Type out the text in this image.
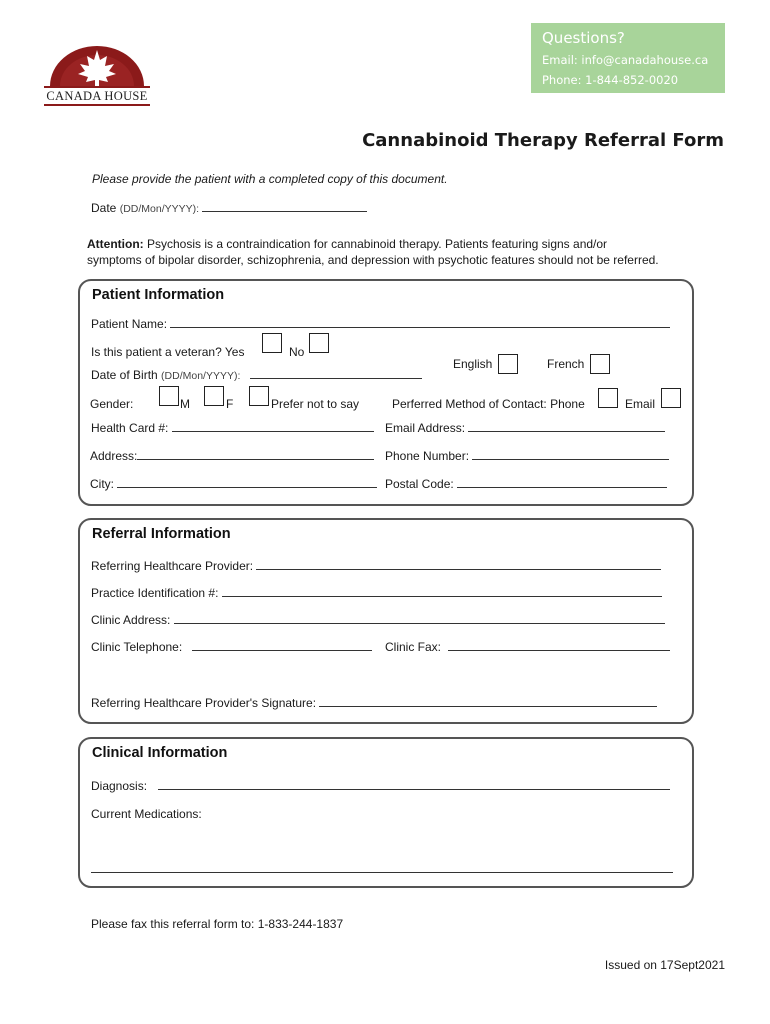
CANADA HOUSE
Questions?
Email: info@canadahouse.ca
Phone: 1-844-852-0020
Cannabinoid Therapy Referral Form
Please provide the patient with a completed copy of this document.
Date (DD/Mon/YYYY):
Attention: Psychosis is a contraindication for cannabinoid therapy. Patients featuring signs and/or
symptoms of bipolar disorder, schizophrenia, and depression with psychotic features should not be referred.
Patient Information
Patient Name:
Is this patient a veteran? Yes	No
English	French
Date of Birth (DD/Mon/YYYY):
Gender:	M	F	Prefer not to say	Perferred Method of Contact: Phone	Email
Health Card #:	Email Address:
Address:	Phone Number:
City:	Postal Code:
Referral Information
Referring Healthcare Provider:
Practice Identification #:
Clinic Address:
Clinic Telephone:	Clinic Fax:
Referring Healthcare Provider's Signature:
Clinical Information
Diagnosis:
Current Medications:
Please fax this referral form to: 1-833-244-1837
Issued on 17Sept2021
